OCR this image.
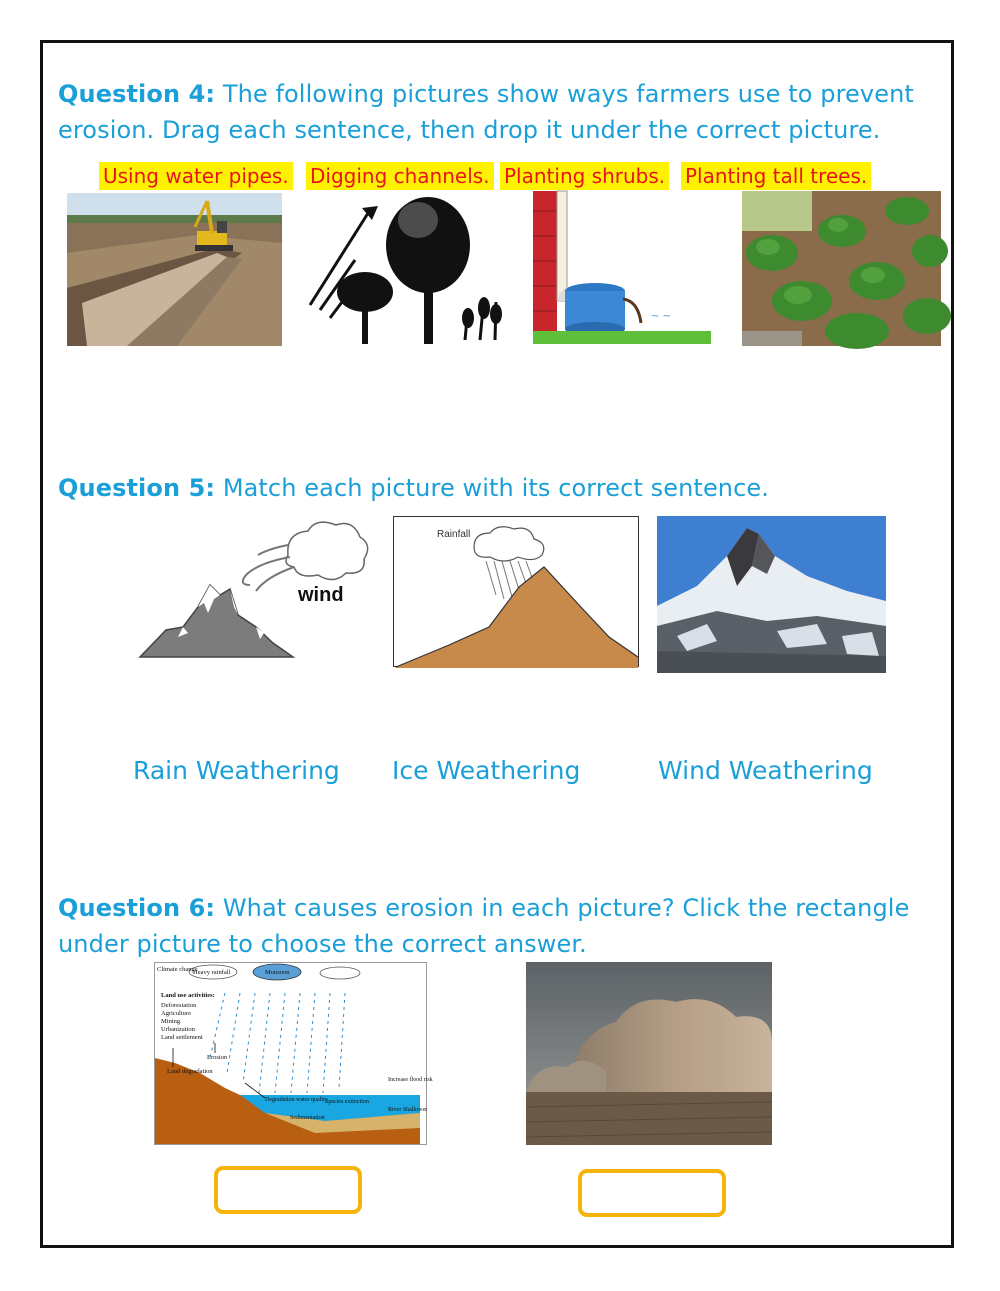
Question 4: The following pictures show ways farmers use to prevent
erosion. Drag each sentence, then drop it under the correct picture.
Using water pipes. Digging channels. Planting shrubs. Planting tall trees.
~ ~
Question 5: Match each picture with its correct sentence.
wind
Rainfall
Rain Weathering Ice Weathering	Wind Weathering
Question 6: What causes erosion in each picture? Click the rectangle
under picture to choose the correct answer.
Climate change
Heavy rainfall	Monsoon
Land use activities:
Deforestation
Agriculture
Mining
Urbanization
Land settlement
Erosion
Land degradation
Degradation water quality
Species extinction
Increase flood risk
River Shallower
Sedimentation
